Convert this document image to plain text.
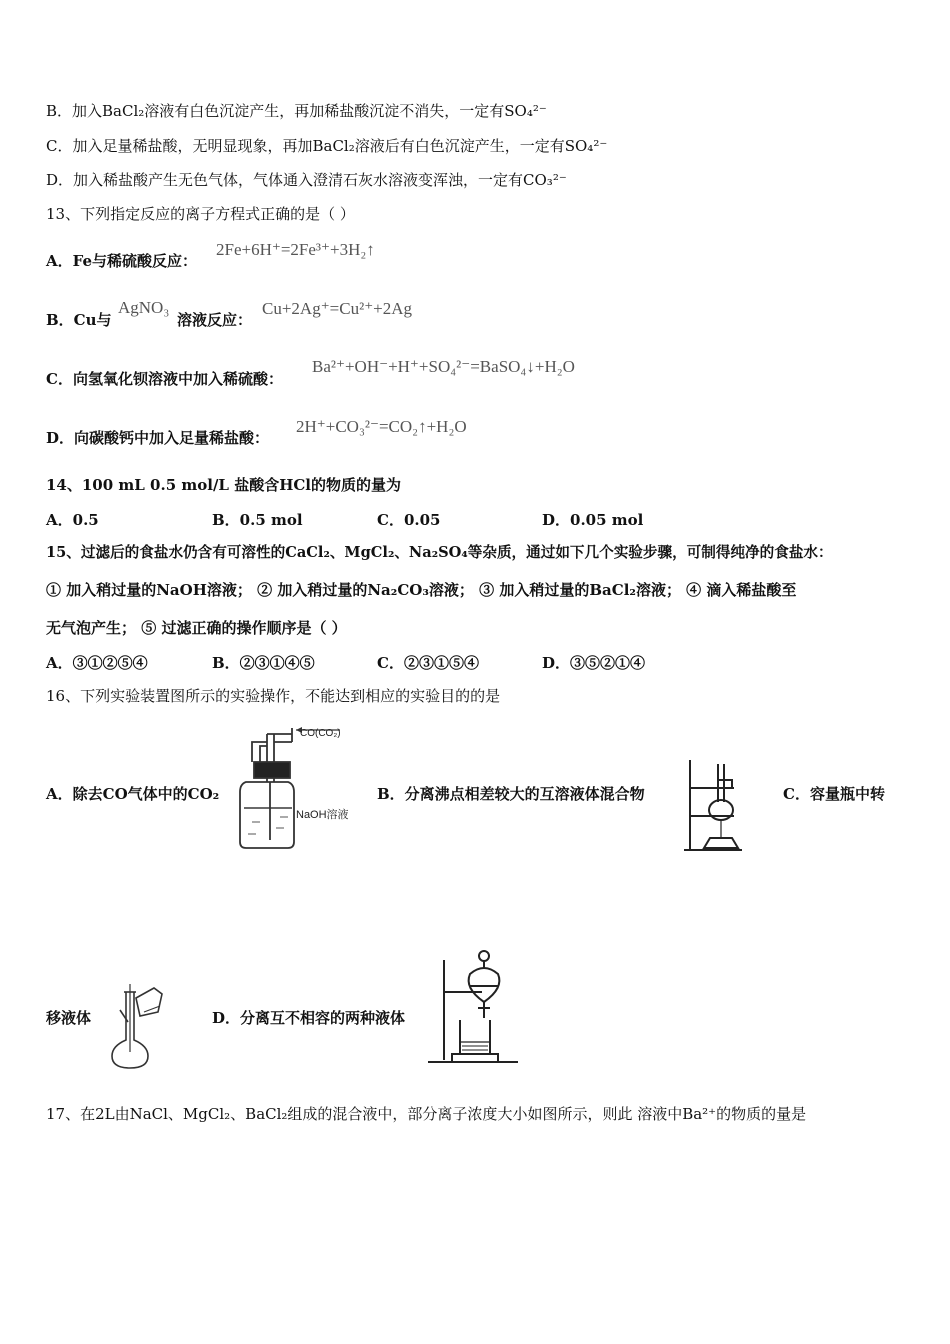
B．加入BaCl₂溶液有白色沉淀产生，再加稀盐酸沉淀不消失，一定有SO₄²⁻
C．加入足量稀盐酸，无明显现象，再加BaCl₂溶液后有白色沉淀产生，一定有SO₄²⁻
D．加入稀盐酸产生无色气体，气体通入澄清石灰水溶液变浑浊，一定有CO₃²⁻
13、下列指定反应的离子方程式正确的是（ ）
A．Fe与稀硫酸反应：
2Fe+6H⁺=2Fe³⁺+3H₂↑
B．Cu与
AgNO₃
溶液反应：
Cu+2Ag⁺=Cu²⁺+2Ag
C．向氢氧化钡溶液中加入稀硫酸：
Ba²⁺+OH⁻+H⁺+SO₄²⁻=BaSO₄↓+H₂O
D．向碳酸钙中加入足量稀盐酸：
2H⁺+CO₃²⁻=CO₂↑+H₂O
14、100 mL 0.5 mol/L 盐酸含HCl的物质的量为
A．0.5	B．0.5 mol	C．0.05	D．0.05 mol
15、过滤后的食盐水仍含有可溶性的CaCl₂、MgCl₂、Na₂SO₄等杂质，通过如下几个实验步骤，可制得纯净的食盐水：
① 加入稍过量的NaOH溶液； ② 加入稍过量的Na₂CO₃溶液； ③ 加入稍过量的BaCl₂溶液； ④ 滴入稀盐酸至
无气泡产生； ⑤ 过滤正确的操作顺序是（ ）
A．③①②⑤④	B．②③①④⑤	C．②③①⑤④	D．③⑤②①④
16、下列实验装置图所示的实验操作，不能达到相应的实验目的的是
A．除去CO气体中的CO₂
CO(CO₂)
NaOH溶液
B．分离沸点相差较大的互溶液体混合物	C．容量瓶中转
移液体	D．分离互不相容的两种液体
17、在2L由NaCl、MgCl₂、BaCl₂组成的混合液中，部分离子浓度大小如图所示，则此 溶液中Ba²⁺的物质的量是
